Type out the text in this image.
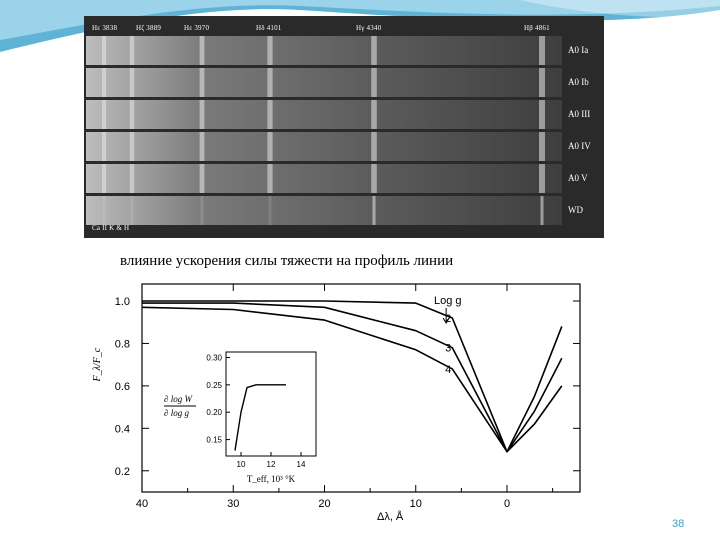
Hε 3838	Hζ 3889	Hε 3970	Hδ 4101	Hγ 4340	Hβ 4861
A0 Ia
A0 Ib
A0 III
A0 IV
A0 V
WD
Ca II K & H
влияние ускорения силы тяжести на профиль линии
40	30	20	10	0
1.0
0.8
0.6
0.4
0.2
Δλ, Å
F_λ/F_c
2
3
4
Log g
0.30
0.25
0.20
0.15
10	12	14
T_eff, 10³ °K
∂ log W
∂ log g
38
